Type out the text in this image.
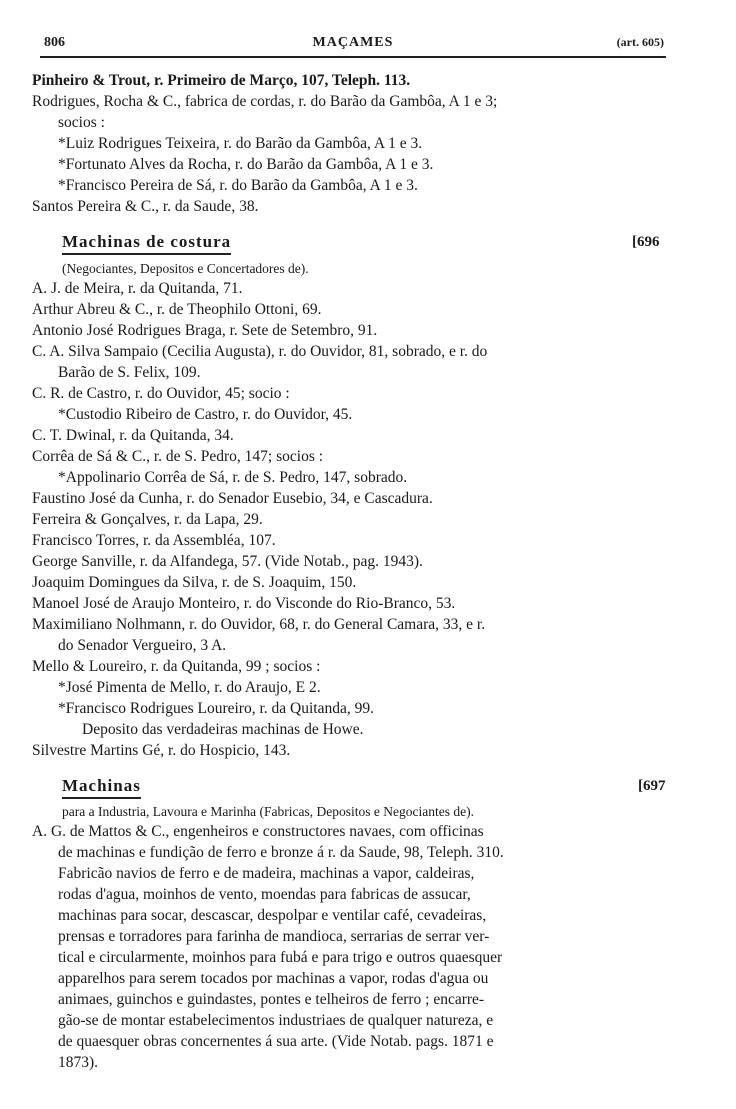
806	MAÇAMES	(art. 605)
Pinheiro & Trout, r. Primeiro de Março, 107, Teleph. 113.
Rodrigues, Rocha & C., fabrica de cordas, r. do Barão da Gambôa, A 1 e 3;
socios :
*Luiz Rodrigues Teixeira, r. do Barão da Gambôa, A 1 e 3.
*Fortunato Alves da Rocha, r. do Barão da Gambôa, A 1 e 3.
*Francisco Pereira de Sá, r. do Barão da Gambôa, A 1 e 3.
Santos Pereira & C., r. da Saude, 38.
Machinas de costura	[696
(Negociantes, Depositos e Concertadores de).
A. J. de Meira, r. da Quitanda, 71.
Arthur Abreu & C., r. de Theophilo Ottoni, 69.
Antonio José Rodrigues Braga, r. Sete de Setembro, 91.
C. A. Silva Sampaio (Cecilia Augusta), r. do Ouvidor, 81, sobrado, e r. do
Barão de S. Felix, 109.
C. R. de Castro, r. do Ouvidor, 45; socio :
*Custodio Ribeiro de Castro, r. do Ouvidor, 45.
C. T. Dwinal, r. da Quitanda, 34.
Corrêa de Sá & C., r. de S. Pedro, 147; socios :
*Appolinario Corrêa de Sá, r. de S. Pedro, 147, sobrado.
Faustino José da Cunha, r. do Senador Eusebio, 34, e Cascadura.
Ferreira & Gonçalves, r. da Lapa, 29.
Francisco Torres, r. da Assembléa, 107.
George Sanville, r. da Alfandega, 57. (Vide Notab., pag. 1943).
Joaquim Domingues da Silva, r. de S. Joaquim, 150.
Manoel José de Araujo Monteiro, r. do Visconde do Rio-Branco, 53.
Maximiliano Nolhmann, r. do Ouvidor, 68, r. do General Camara, 33, e r.
do Senador Vergueiro, 3 A.
Mello & Loureiro, r. da Quitanda, 99 ; socios :
*José Pimenta de Mello, r. do Araujo, E 2.
*Francisco Rodrigues Loureiro, r. da Quitanda, 99.
Deposito das verdadeiras machinas de Howe.
Silvestre Martins Gé, r. do Hospicio, 143.
Machinas	[697
para a Industria, Lavoura e Marinha (Fabricas, Depositos e Negociantes de).
A. G. de Mattos & C., engenheiros e constructores navaes, com officinas
de machinas e fundição de ferro e bronze á r. da Saude, 98, Teleph. 310.
Fabricão navios de ferro e de madeira, machinas a vapor, caldeiras,
rodas d'agua, moinhos de vento, moendas para fabricas de assucar,
machinas para socar, descascar, despolpar e ventilar café, cevadeiras,
prensas e torradores para farinha de mandioca, serrarias de serrar ver-
tical e circularmente, moinhos para fubá e para trigo e outros quaesquer
apparelhos para serem tocados por machinas a vapor, rodas d'agua ou
animaes, guinchos e guindastes, pontes e telheiros de ferro ; encarre-
gão-se de montar estabelecimentos industriaes de qualquer natureza, e
de quaesquer obras concernentes á sua arte. (Vide Notab. pags. 1871 e
1873).
